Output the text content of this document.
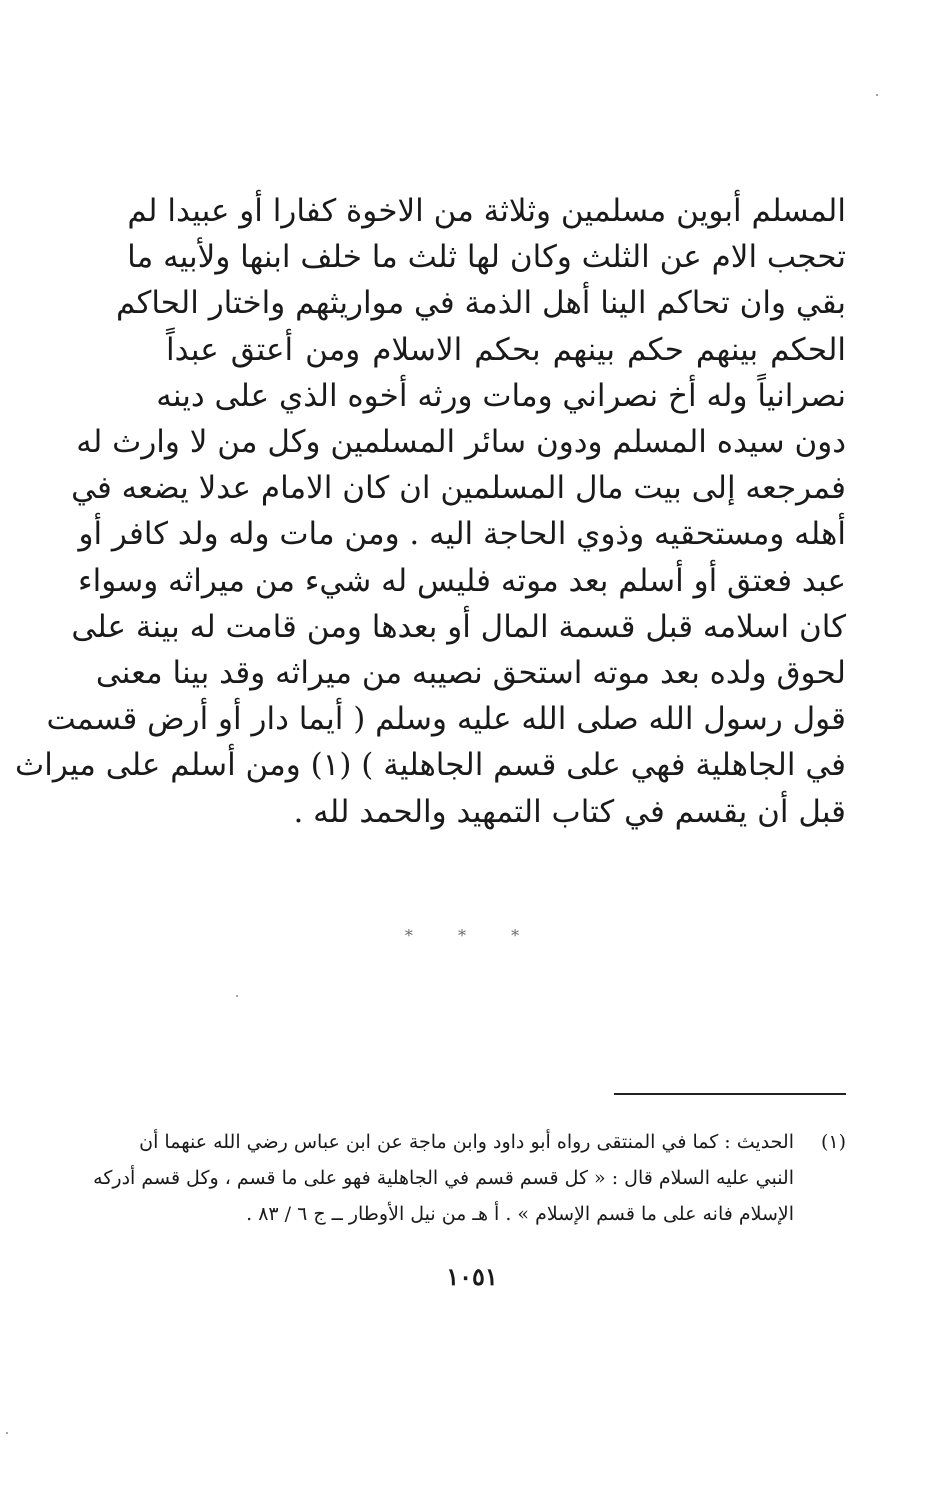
المسلم أبوين مسلمين وثلاثة من الاخوة كفارا أو عبيدا لم
تحجب الام عن الثلث وكان لها ثلث ما خلف ابنها ولأبيه ما
بقي وان تحاكم الينا أهل الذمة في مواريثهم واختار الحاكم
الحكم بينهم حكم بينهم بحكم الاسلام ومن أعتق عبداً
نصرانياً وله أخ نصراني ومات ورثه أخوه الذي على دينه
دون سيده المسلم ودون سائر المسلمين وكل من لا وارث له
فمرجعه إلى بيت مال المسلمين ان كان الامام عدلا يضعه في
أهله ومستحقيه وذوي الحاجة اليه . ومن مات وله ولد كافر أو
عبد فعتق أو أسلم بعد موته فليس له شيء من ميراثه وسواء
كان اسلامه قبل قسمة المال أو بعدها ومن قامت له بينة على
لحوق ولده بعد موته استحق نصيبه من ميراثه وقد بينا معنى
قول رسول الله صلى الله عليه وسلم ( أيما دار أو أرض قسمت
في الجاهلية فهي على قسم الجاهلية ) (١) ومن أسلم على ميراث
قبل أن يقسم في كتاب التمهيد والحمد لله .
* * *
(١)
الحديث : كما في المنتقى رواه أبو داود وابن ماجة عن ابن عباس رضي الله عنهما أن
النبي عليه السلام قال : « كل قسم قسم في الجاهلية فهو على ما قسم ، وكل قسم أدركه
الإسلام فانه على ما قسم الإسلام » . أ هـ من نيل الأوطار ــ ج ٦ / ٨٣ .
١٠٥١
